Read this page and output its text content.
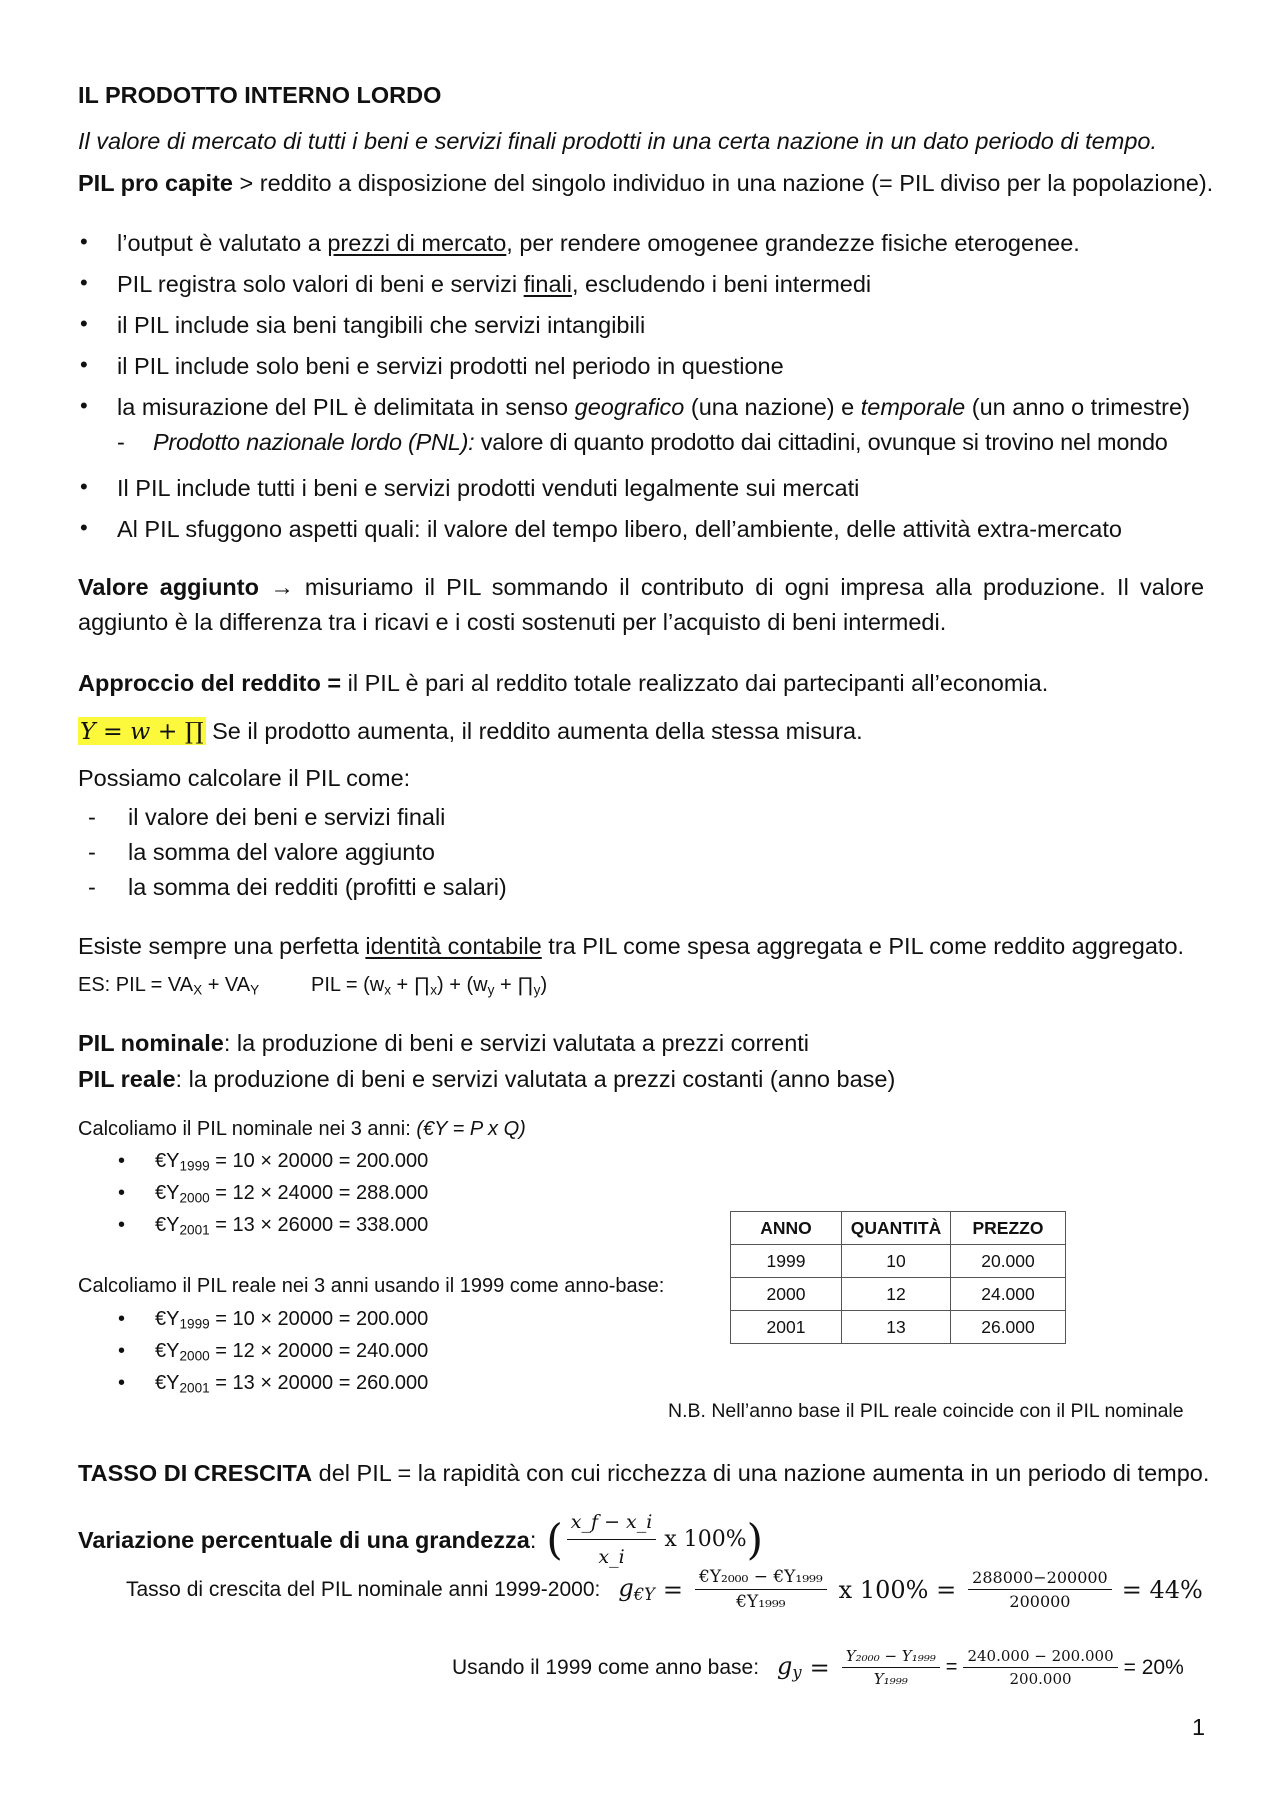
IL PRODOTTO INTERNO LORDO
Il valore di mercato di tutti i beni e servizi finali prodotti in una certa nazione in un dato periodo di tempo.
PIL pro capite > reddito a disposizione del singolo individuo in una nazione (= PIL diviso per la popolazione).
• l’output è valutato a prezzi di mercato, per rendere omogenee grandezze fisiche eterogenee.
• PIL registra solo valori di beni e servizi finali, escludendo i beni intermedi
• il PIL include sia beni tangibili che servizi intangibili
• il PIL include solo beni e servizi prodotti nel periodo in questione
• la misurazione del PIL è delimitata in senso geografico (una nazione) e temporale (un anno o trimestre)
- Prodotto nazionale lordo (PNL): valore di quanto prodotto dai cittadini, ovunque si trovino nel mondo
• Il PIL include tutti i beni e servizi prodotti venduti legalmente sui mercati
• Al PIL sfuggono aspetti quali: il valore del tempo libero, dell’ambiente, delle attività extra-mercato
Valore aggiunto → misuriamo il PIL sommando il contributo di ogni impresa alla produzione. Il valore aggiunto è la differenza tra i ricavi e i costi sostenuti per l’acquisto di beni intermedi.
Approccio del reddito = il PIL è pari al reddito totale realizzato dai partecipanti all’economia.
Y = w + ∏ Se il prodotto aumenta, il reddito aumenta della stessa misura.
Possiamo calcolare il PIL come:
- il valore dei beni e servizi finali
- la somma del valore aggiunto
- la somma dei redditi (profitti e salari)
Esiste sempre una perfetta identità contabile tra PIL come spesa aggregata e PIL come reddito aggregato.
ES: PIL = $VA_X + VA_Y$	PIL = ($w_x$ + $\prod_x) + (w_y$ + $\prod_y$)
PIL nominale: la produzione di beni e servizi valutata a prezzi correnti
PIL reale: la produzione di beni e servizi valutata a prezzi costanti (anno base)
Calcoliamo il PIL nominale nei 3 anni: (€Y = P x Q)
• $€Y_{1999} = 10 \times 20000 = 200.000$
• $€Y_{2000} = 12 \times 24000 = 288.000$
• $€Y_{2001} = 13 \times 26000 = 338.000$
Calcoliamo il PIL reale nei 3 anni usando il 1999 come anno-base:
• $€Y_{1999} = 10 \times 20000 = 200.000$
• $€Y_{2000} = 12 \times 20000 = 240.000$
• $€Y_{2001} = 13 \times 20000 = 260.000$
ANNO	QUANTITÀ	PREZZO
1999	10	20.000
2000	12	24.000
2001	13	26.000
N.B. Nell’anno base il PIL reale coincide con il PIL nominale
TASSO DI CRESCITA del PIL = la rapidità con cui ricchezza di una nazione aumenta in un periodo di tempo.
Variazione percentuale di una grandezza : ( $\frac{x\_f - x\_i}{x\_i}$ x 100% )
Tasso di crescita del PIL nominale anni 1999-2000: $g_{€Y} = \frac{\text{€Y₂₀₀₀ − €Y₁₉₉₉}}{\text{€Y₁₉₉₉}}$ x $100\% = \frac{288000-200000}{200000} = 44\%$
Usando il 1999 come anno base: $g_y = \frac{\text{Y₂₀₀₀ − Y₁₉₉₉}}{\text{Y₁₉₉₉}} = \frac{240.000 - 200.000}{200.000} = 20\%$
1
